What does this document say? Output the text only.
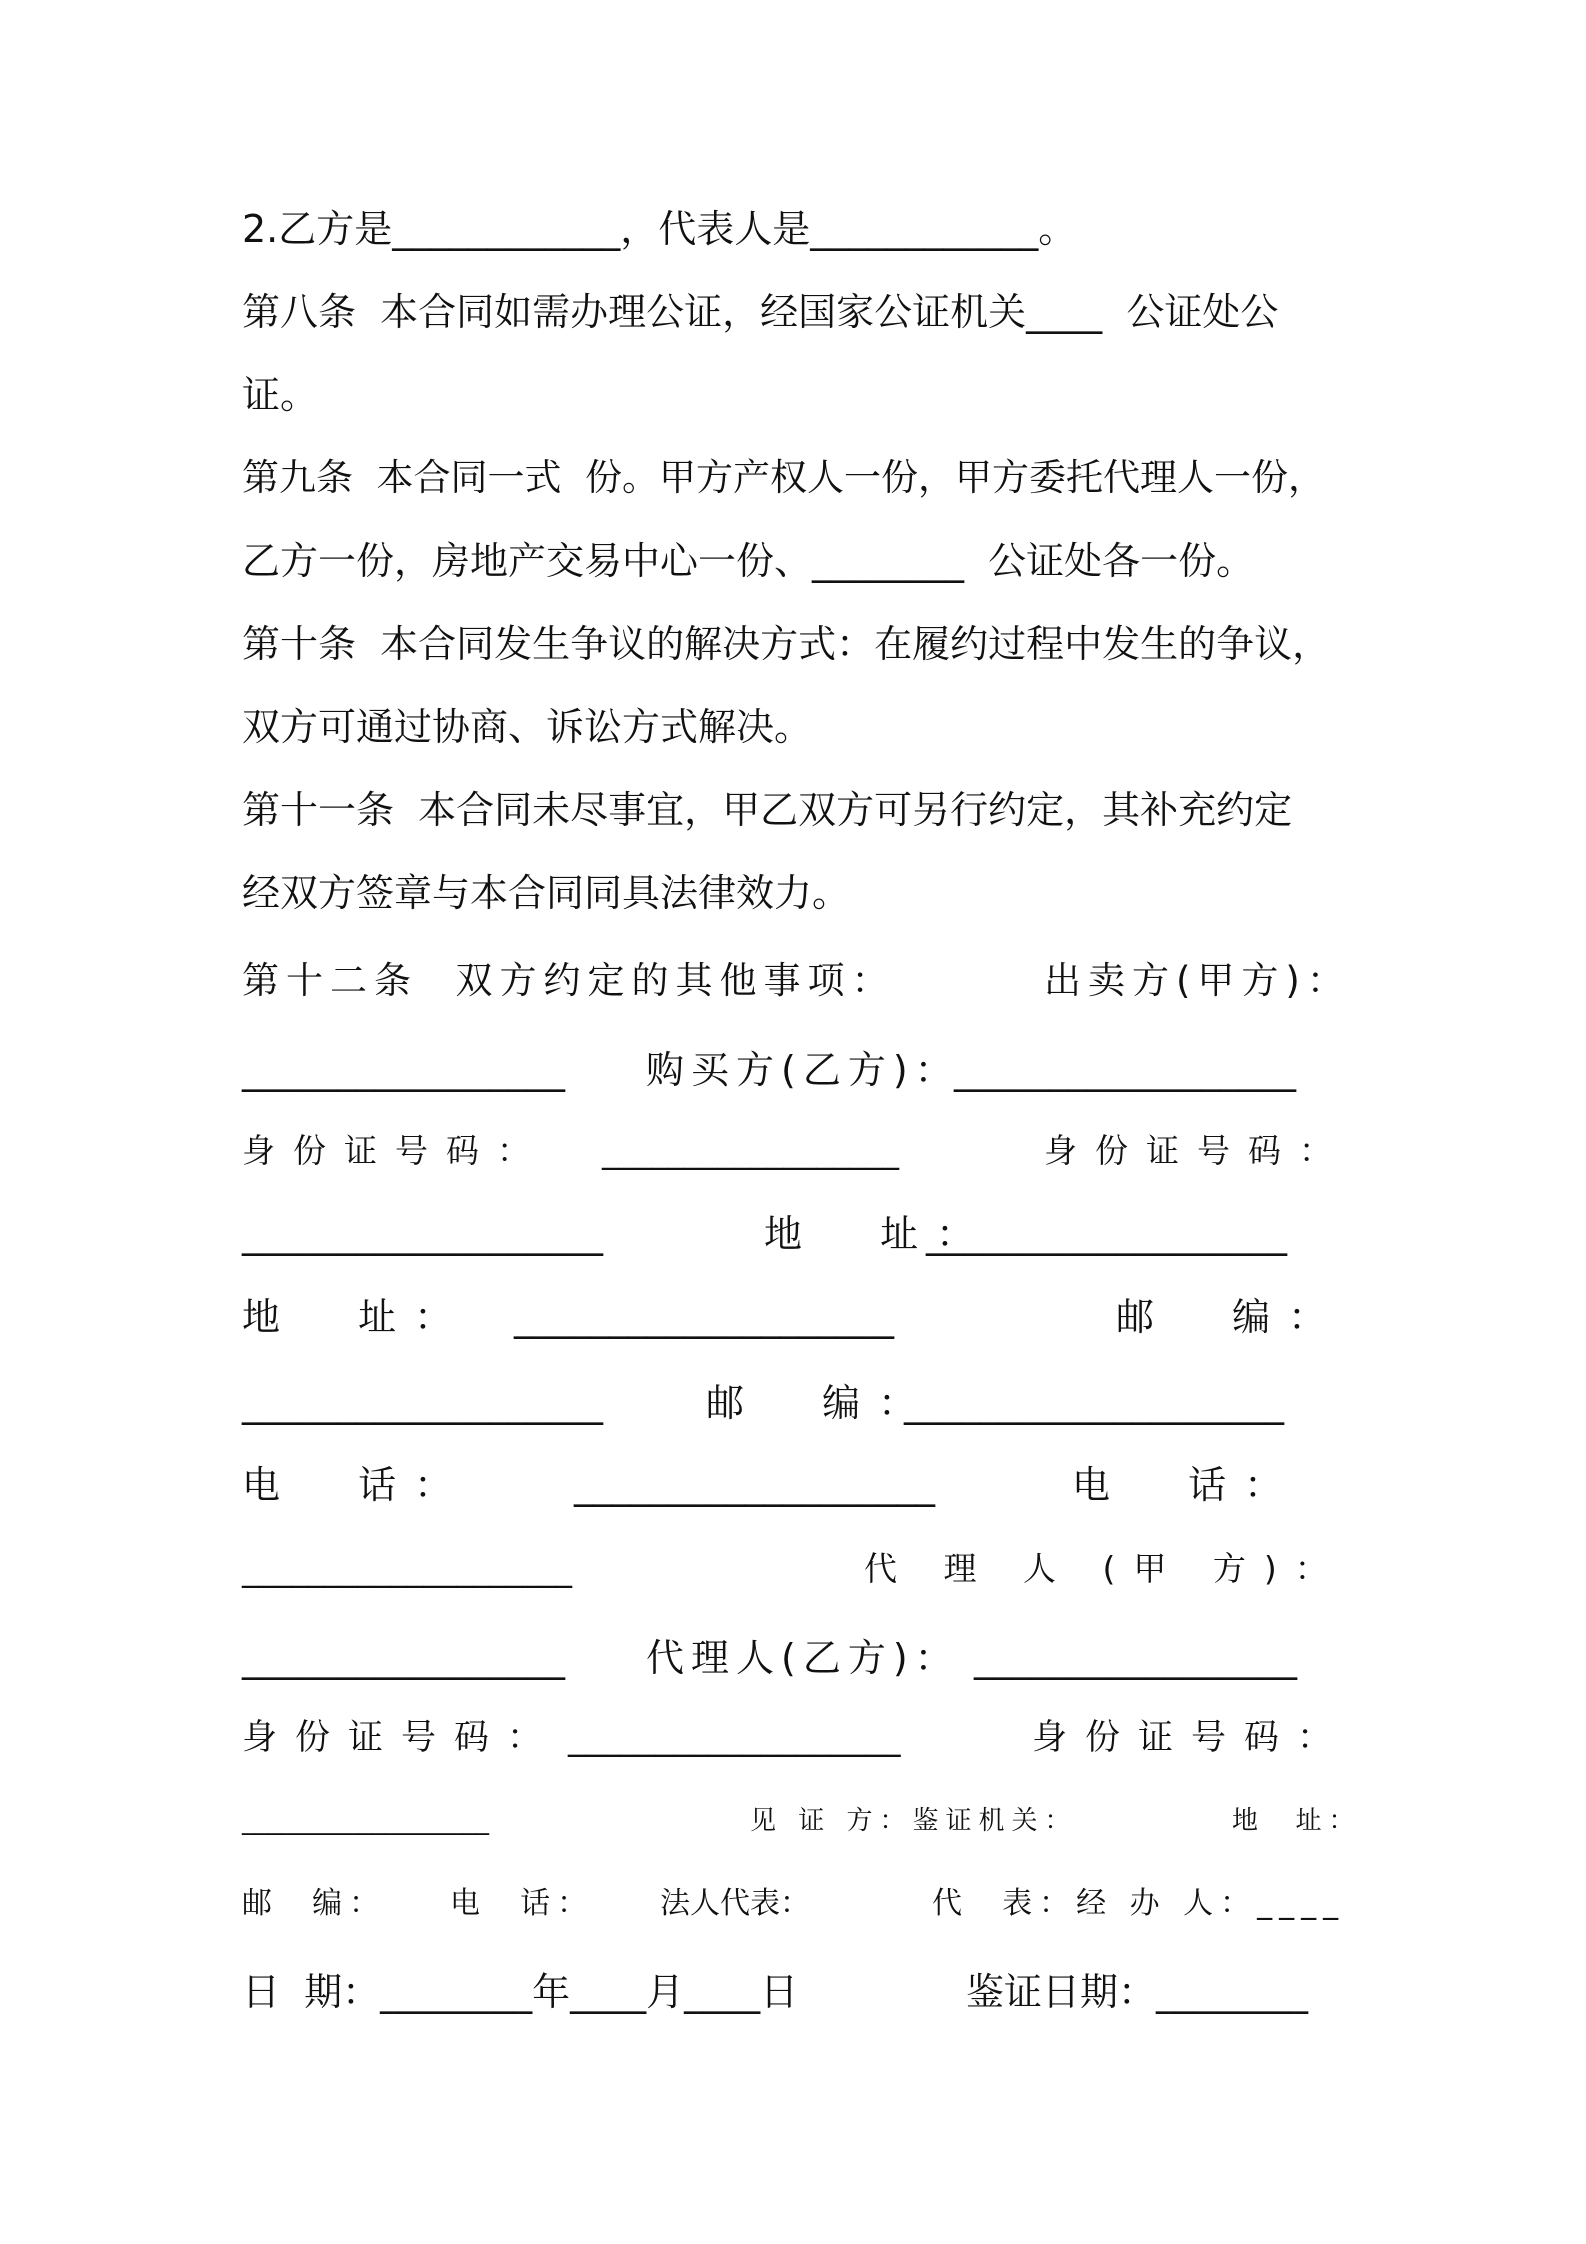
2.乙方是____________，代表人是____________。
第八条  本合同如需办理公证，经国家公证机关____  公证处公
证。
第九条  本合同一式  份。甲方产权人一份，甲方委托代理人一份，
乙方一份，房地产交易中心一份、________  公证处各一份。
第十条  本合同发生争议的解决方式：在履约过程中发生的争议，
双方可通过协商、诉讼方式解决。
第十一条  本合同未尽事宜，甲乙双方可另行约定，其补充约定
经双方签章与本合同同具法律效力。
第十二条  双方约定的其他事项：	出卖方(甲方)：
_________________ 购买方(乙方)：
__________________
身份证号码： __________________	身份证号码：
___________________	地  址：
___________________
地  址： ____________________	邮  编：
___________________	邮  编：
____________________
电  话：	___________________	电  话：
____________________	代 理 人 (甲 方)：
_________________ 代理人(乙方)： _________________
身份证号码： ___________________	身份证号码：
___________________	见 证 方：鉴证机关：	地  址：
邮  编： 电  话： 法人代表：	代  表：经 办 人：____
日  期：________年____月____日	鉴证日期：________
